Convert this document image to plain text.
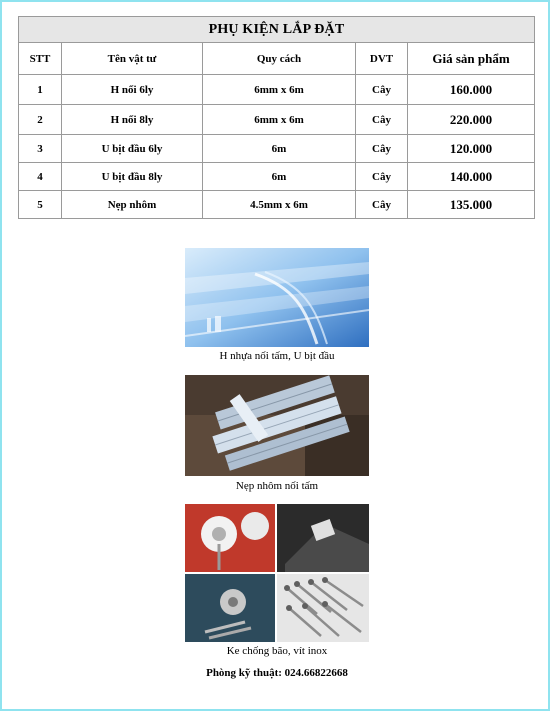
PHỤ KIỆN LẮP ĐẶT				
STT	Tên vật tư	Quy cách	DVT	Giá sản phẩm
1	H nối 6ly	6mm x 6m	Cây	160.000
2	H nối 8ly	6mm x 6m	Cây	220.000
3	U bịt đầu 6ly	6m	Cây	120.000
4	U bịt đầu 8ly	6m	Cây	140.000
5	Nẹp nhôm	4.5mm x 6m	Cây	135.000
H nhựa nối tấm, U bịt đầu
Nẹp nhôm nối tấm
Ke chống bão, vít inox
Phòng kỹ thuật: 024.66822668
